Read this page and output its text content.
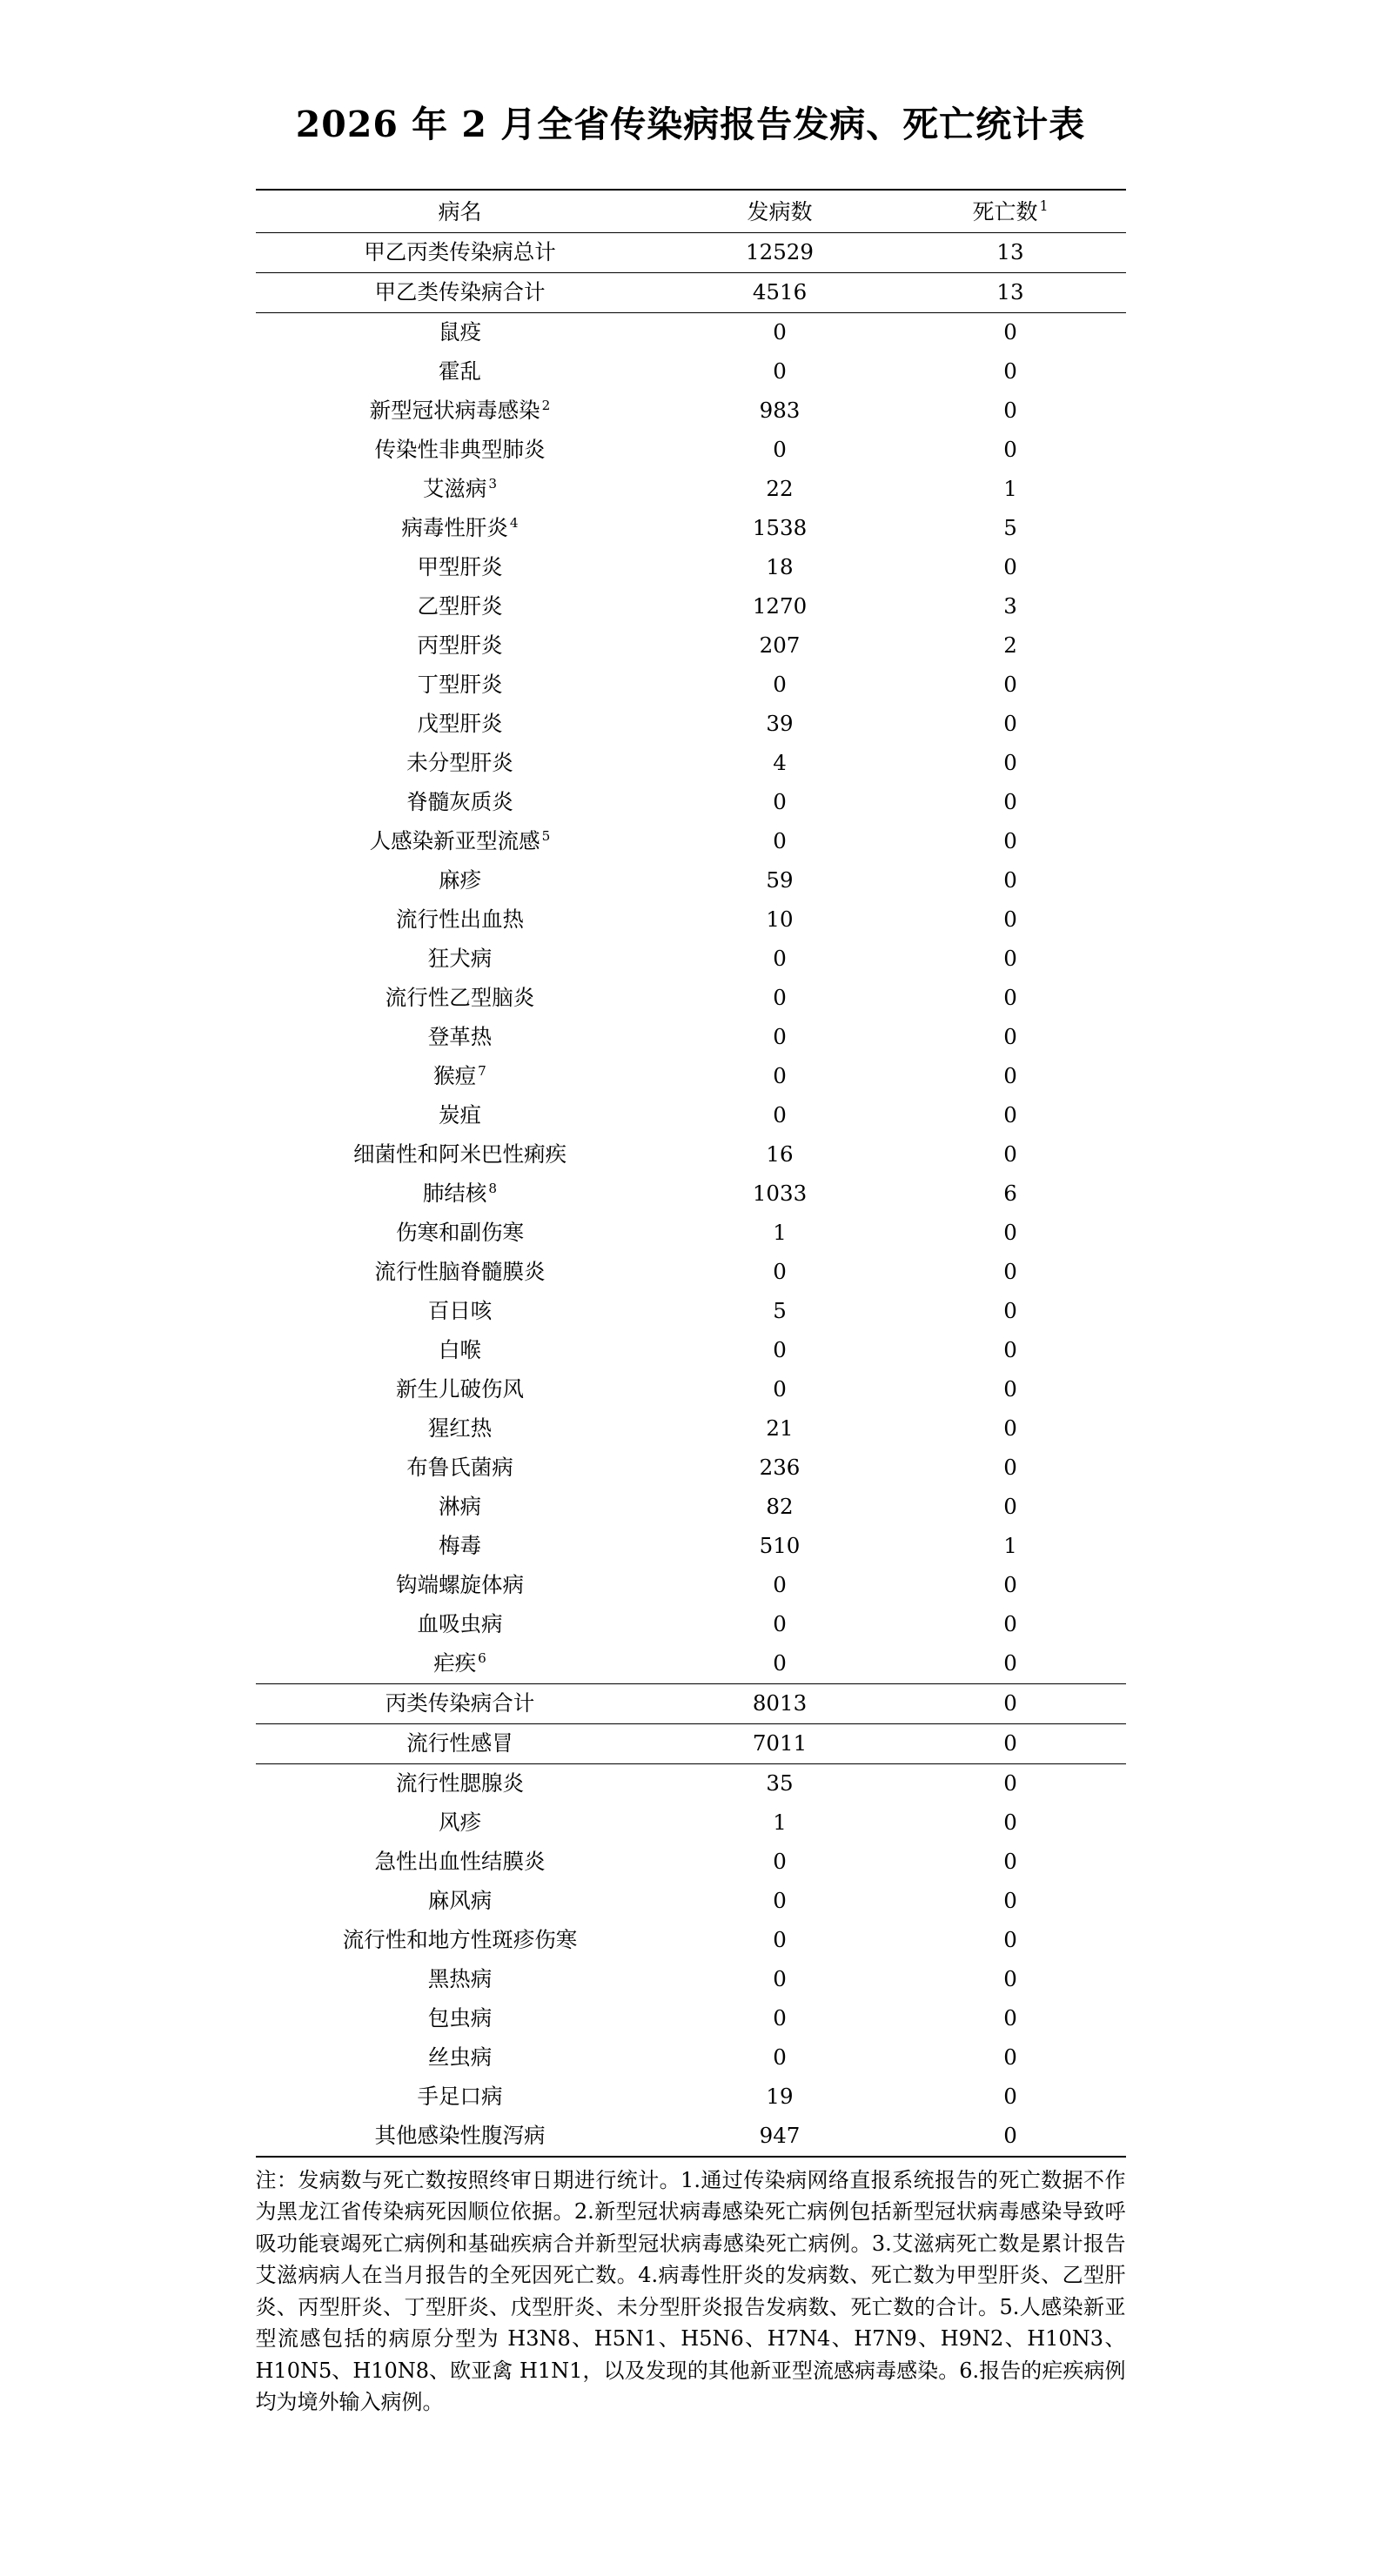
2026 年 2 月全省传染病报告发病、死亡统计表
病名	发病数	死亡数 $^1$
甲乙丙类传染病总计	12529	13
甲乙类传染病合计	4516	13
鼠疫	0	0
霍乱	0	0
新型冠状病毒感染 $^2$	983	0
传染性非典型肺炎	0	0
艾滋病 $^3$	22	1
病毒性肝炎 $^4$	1538	5
甲型肝炎	18	0
乙型肝炎	1270	3
丙型肝炎	207	2
丁型肝炎	0	0
戊型肝炎	39	0
未分型肝炎	4	0
脊髓灰质炎	0	0
人感染新亚型流感 $^5$	0	0
麻疹	59	0
流行性出血热	10	0
狂犬病	0	0
流行性乙型脑炎	0	0
登革热	0	0
猴痘 $^7$	0	0
炭疽	0	0
细菌性和阿米巴性痢疾	16	0
肺结核 $^8$	1033	6
伤寒和副伤寒	1	0
流行性脑脊髓膜炎	0	0
百日咳	5	0
白喉	0	0
新生儿破伤风	0	0
猩红热	21	0
布鲁氏菌病	236	0
淋病	82	0
梅毒	510	1
钩端螺旋体病	0	0
血吸虫病	0	0
疟疾 $^6$	0	0
丙类传染病合计	8013	0
流行性感冒	7011	0
流行性腮腺炎	35	0
风疹	1	0
急性出血性结膜炎	0	0
麻风病	0	0
流行性和地方性斑疹伤寒	0	0
黑热病	0	0
包虫病	0	0
丝虫病	0	0
手足口病	19	0
其他感染性腹泻病	947	0

注：发病数与死亡数按照终审日期进行统计。1.通过传染病网络直报系统报告的死亡数据不作为黑龙江省传染病死因顺位依据。2.新型冠状病毒感染死亡病例包括新型冠状病毒感染导致呼吸功能衰竭死亡病例和基础疾病合并新型冠状病毒感染死亡病例。3.艾滋病死亡数是累计报告艾滋病病人在当月报告的全死因死亡数。4.病毒性肝炎的发病数、死亡数为甲型肝炎、乙型肝炎、丙型肝炎、丁型肝炎、戊型肝炎、未分型肝炎报告发病数、死亡数的合计。5.人感染新亚型流感包括的病原分型为 H3N8、H5N1、H5N6、H7N4、H7N9、H9N2、H10N3、H10N5、H10N8、欧亚禽 H1N1，以及发现的其他新亚型流感病毒感染。6.报告的疟疾病例均为境外输入病例。
